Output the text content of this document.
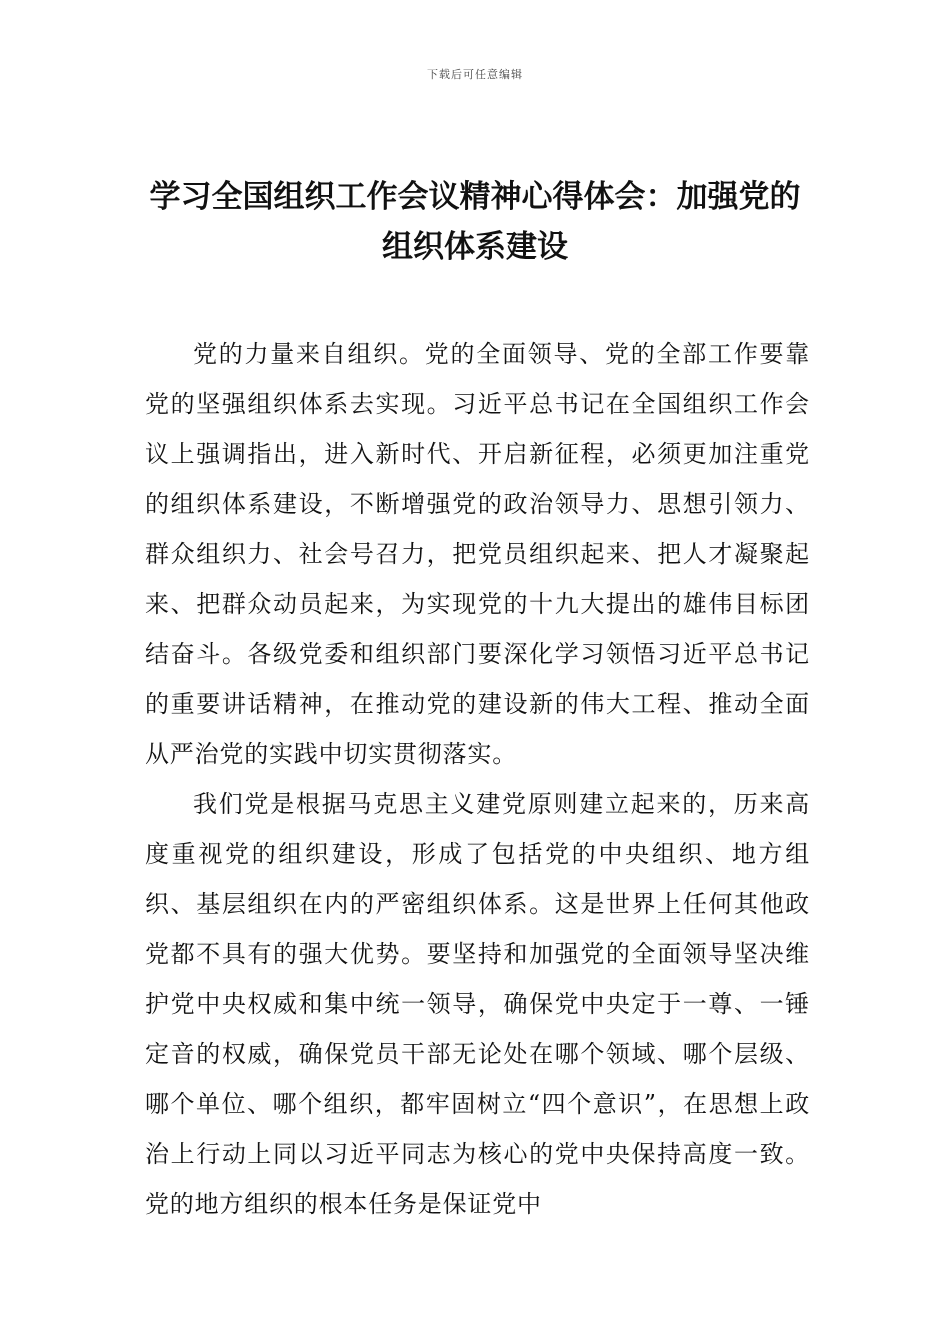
下载后可任意编辑
学习全国组织工作会议精神心得体会：加强党的组织体系建设

党的力量来自组织。党的全面领导、党的全部工作要靠党的坚强组织体系去实现。习近平总书记在全国组织工作会议上强调指出，进入新时代、开启新征程，必须更加注重党的组织体系建设，不断增强党的政治领导力、思想引领力、群众组织力、社会号召力，把党员组织起来、把人才凝聚起来、把群众动员起来，为实现党的十九大提出的雄伟目标团结奋斗。各级党委和组织部门要深化学习领悟习近平总书记的重要讲话精神，在推动党的建设新的伟大工程、推动全面从严治党的实践中切实贯彻落实。

我们党是根据马克思主义建党原则建立起来的，历来高度重视党的组织建设，形成了包括党的中央组织、地方组织、基层组织在内的严密组织体系。这是世界上任何其他政党都不具有的强大优势。要坚持和加强党的全面领导坚决维护党中央权威和集中统一领导，确保党中央定于一尊、一锤定音的权威，确保党员干部无论处在哪个领域、哪个层级、哪个单位、哪个组织，都牢固树立“四个意识”，在思想上政治上行动上同以习近平同志为核心的党中央保持高度一致。党的地方组织的根本任务是保证党中
